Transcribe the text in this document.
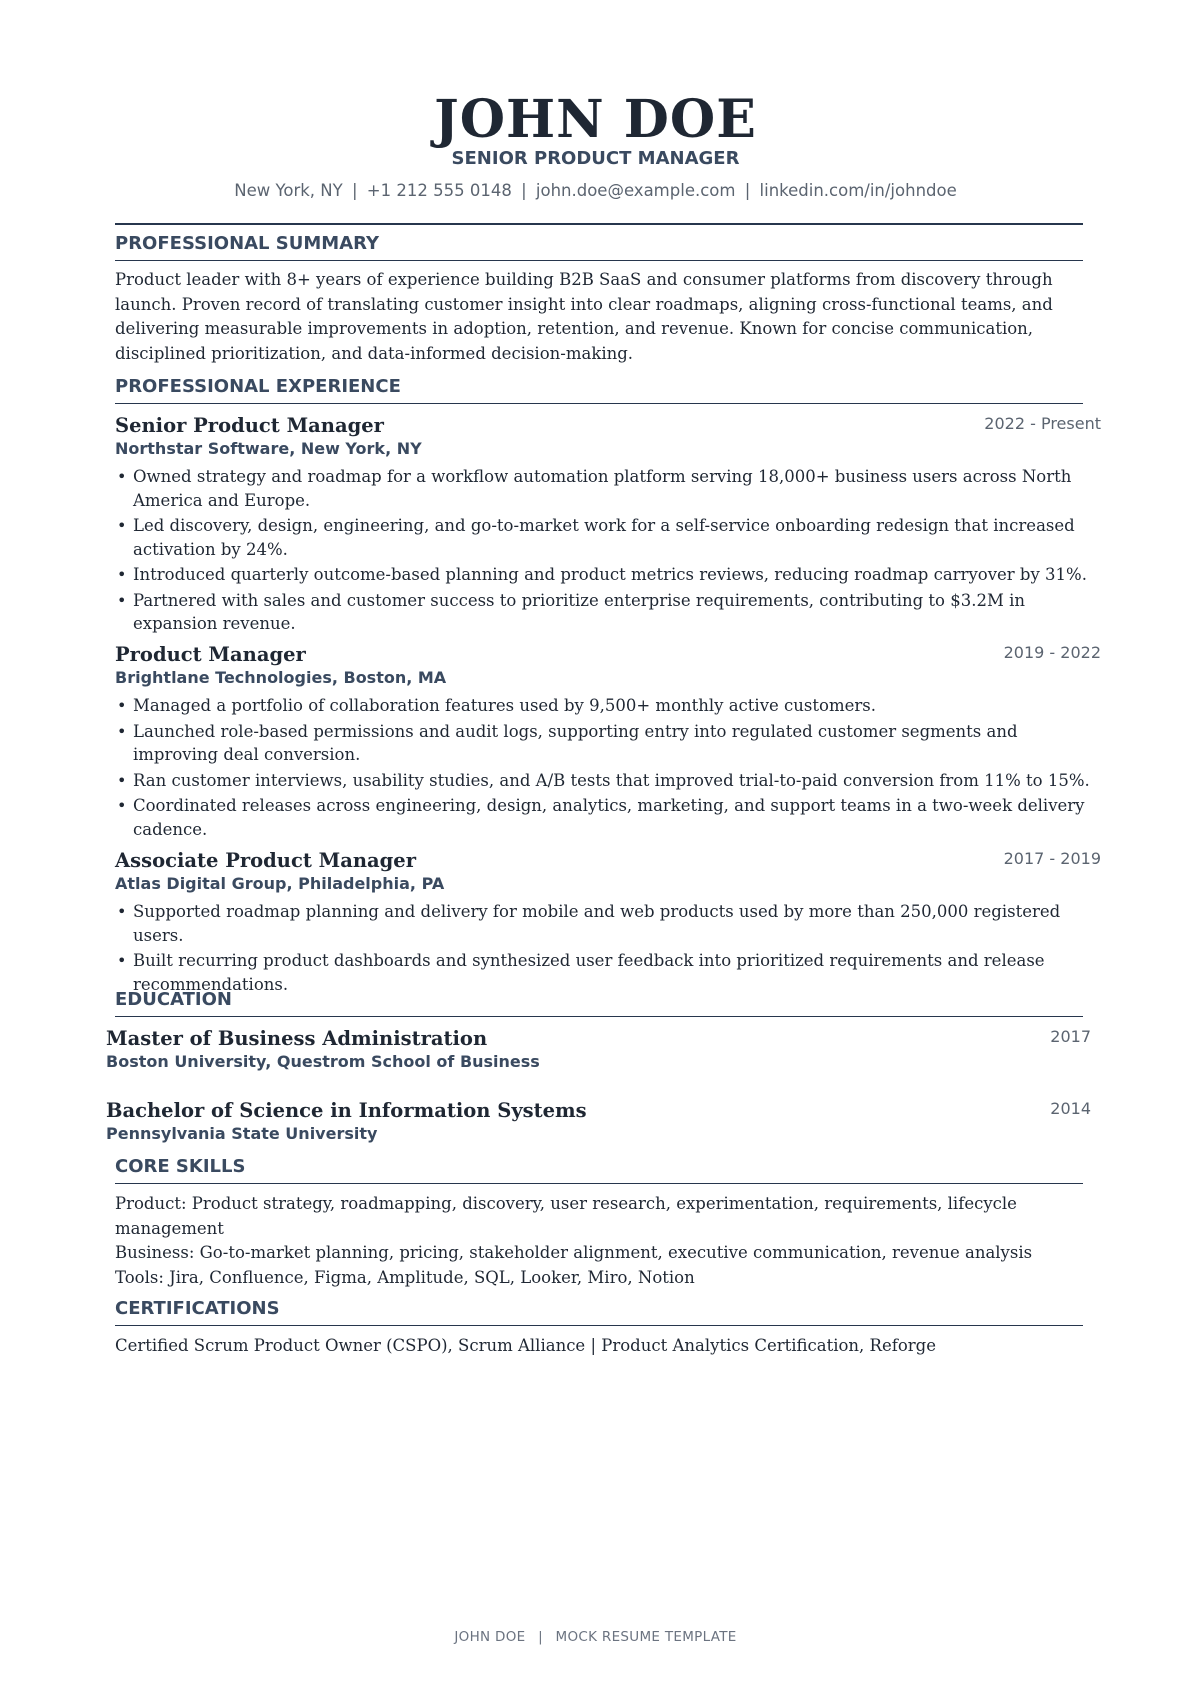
JOHN DOE
SENIOR PRODUCT MANAGER
New York, NY | +1 212 555 0148 | john.doe@example.com | linkedin.com/in/johndoe
PROFESSIONAL SUMMARY
Product leader with 8+ years of experience building B2B SaaS and consumer platforms from discovery through launch. Proven record of translating customer insight into clear roadmaps, aligning cross-functional teams, and delivering measurable improvements in adoption, retention, and revenue. Known for concise communication, disciplined prioritization, and data-informed decision-making.
PROFESSIONAL EXPERIENCE
Senior Product Manager	2022 - Present
Northstar Software, New York, NY
• Owned strategy and roadmap for a workflow automation platform serving 18,000+ business users across North America and Europe.
• Led discovery, design, engineering, and go-to-market work for a self-service onboarding redesign that increased activation by 24%.
• Introduced quarterly outcome-based planning and product metrics reviews, reducing roadmap carryover by 31%.
• Partnered with sales and customer success to prioritize enterprise requirements, contributing to $3.2M in expansion revenue.
Product Manager	2019 - 2022
Brightlane Technologies, Boston, MA
• Managed a portfolio of collaboration features used by 9,500+ monthly active customers.
• Launched role-based permissions and audit logs, supporting entry into regulated customer segments and improving deal conversion.
• Ran customer interviews, usability studies, and A/B tests that improved trial-to-paid conversion from 11% to 15%.
• Coordinated releases across engineering, design, analytics, marketing, and support teams in a two-week delivery cadence.
Associate Product Manager	2017 - 2019
Atlas Digital Group, Philadelphia, PA
• Supported roadmap planning and delivery for mobile and web products used by more than 250,000 registered users.
• Built recurring product dashboards and synthesized user feedback into prioritized requirements and release recommendations.
EDUCATION
Master of Business Administration	2017
Boston University, Questrom School of Business
Bachelor of Science in Information Systems	2014
Pennsylvania State University
CORE SKILLS
Product: Product strategy, roadmapping, discovery, user research, experimentation, requirements, lifecycle management
Business: Go-to-market planning, pricing, stakeholder alignment, executive communication, revenue analysis
Tools: Jira, Confluence, Figma, Amplitude, SQL, Looker, Miro, Notion
CERTIFICATIONS
Certified Scrum Product Owner (CSPO), Scrum Alliance | Product Analytics Certification, Reforge
JOHN DOE | MOCK RESUME TEMPLATE
